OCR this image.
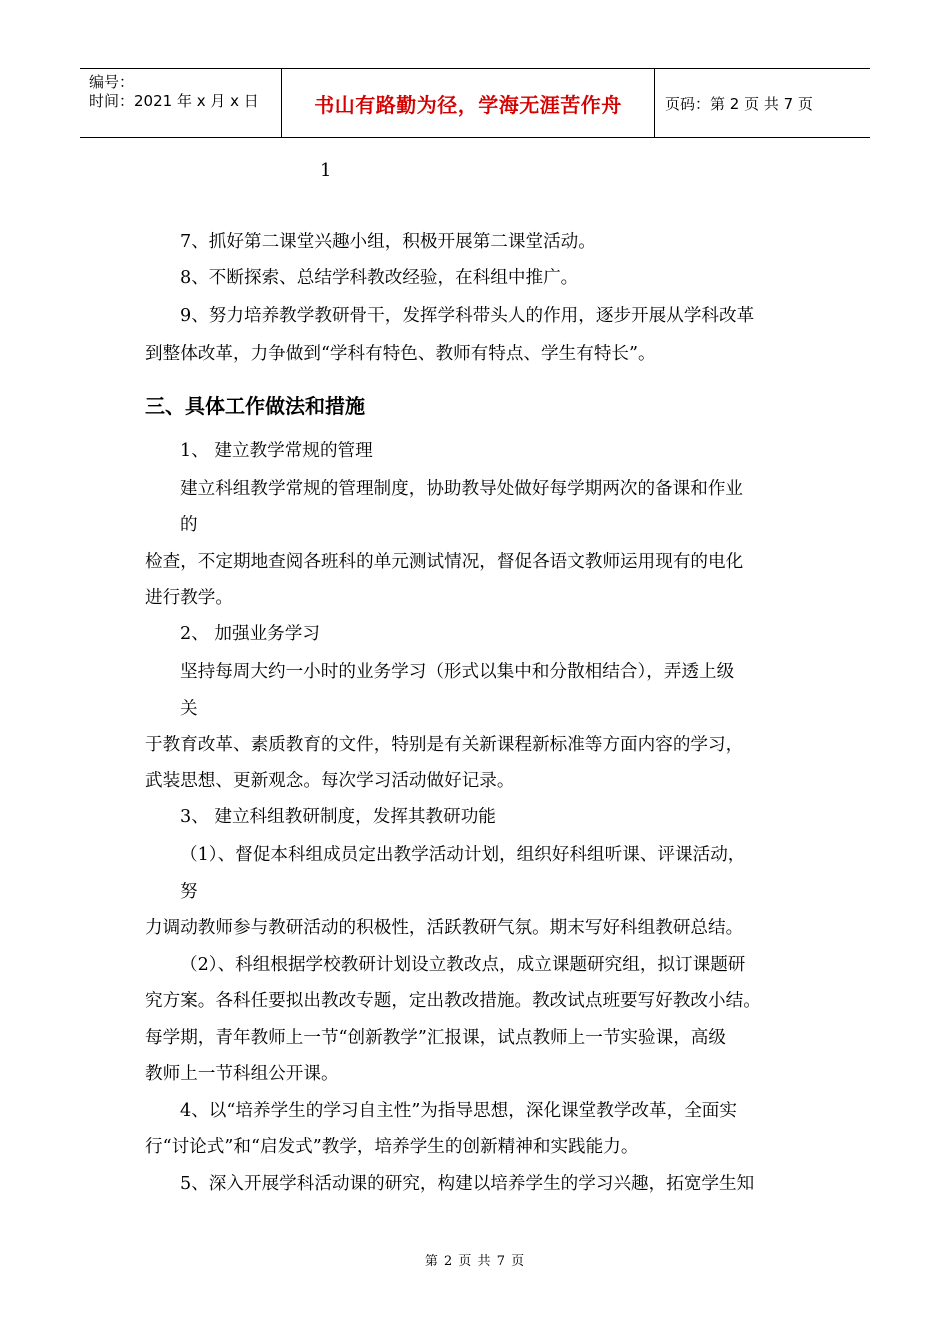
编号：
时间：2021 年 x 月 x 日	书山有路勤为径，学海无涯苦作舟	页码：第 2 页 共 7 页
1
7、抓好第二课堂兴趣小组，积极开展第二课堂活动。
8、不断探索、总结学科教改经验，在科组中推广。
9、努力培养教学教研骨干，发挥学科带头人的作用，逐步开展从学科改革
到整体改革，力争做到“学科有特色、教师有特点、学生有特长”。
三、具体工作做法和措施
1、 建立教学常规的管理
建立科组教学常规的管理制度，协助教导处做好每学期两次的备课和作业
的
检查，不定期地查阅各班科的单元测试情况，督促各语文教师运用现有的电化
进行教学。
2、 加强业务学习
坚持每周大约一小时的业务学习（形式以集中和分散相结合），弄透上级
关
于教育改革、素质教育的文件，特别是有关新课程新标准等方面内容的学习，
武装思想、更新观念。每次学习活动做好记录。
3、 建立科组教研制度，发挥其教研功能
（1）、督促本科组成员定出教学活动计划，组织好科组听课、评课活动，
努
力调动教师参与教研活动的积极性，活跃教研气氛。期末写好科组教研总结。
（2）、科组根据学校教研计划设立教改点，成立课题研究组，拟订课题研
究方案。各科任要拟出教改专题，定出教改措施。教改试点班要写好教改小结。
每学期，青年教师上一节“创新教学”汇报课，试点教师上一节实验课，高级
教师上一节科组公开课。
4、以“培养学生的学习自主性”为指导思想，深化课堂教学改革，全面实
行“讨论式”和“启发式”教学，培养学生的创新精神和实践能力。
5、深入开展学科活动课的研究，构建以培养学生的学习兴趣，拓宽学生知
第 2 页 共 7 页
